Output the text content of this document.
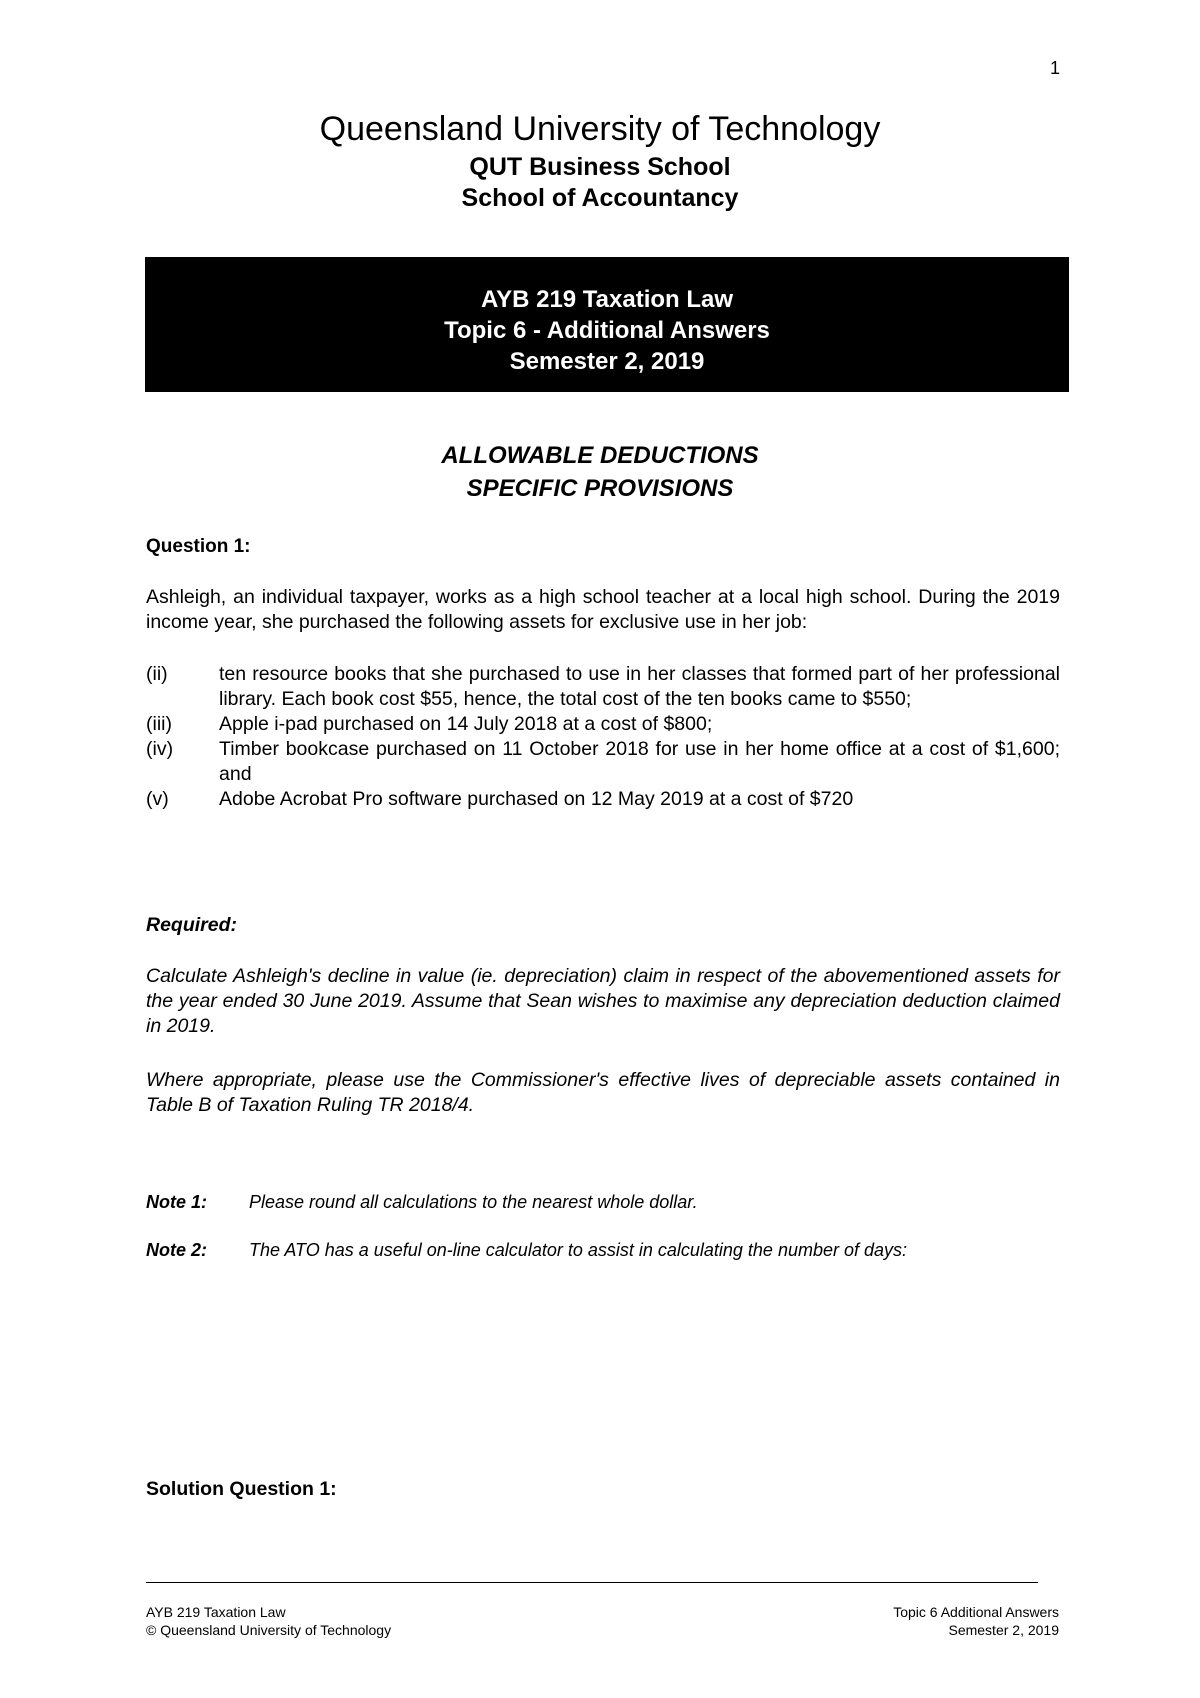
1
Queensland University of Technology
QUT Business School
School of Accountancy
AYB 219 Taxation Law
Topic 6 - Additional Answers
Semester 2, 2019
ALLOWABLE DEDUCTIONS
SPECIFIC PROVISIONS
Question 1:
Ashleigh, an individual taxpayer, works as a high school teacher at a local high school. During the 2019 income year, she purchased the following assets for exclusive use in her job:
(ii)	ten resource books that she purchased to use in her classes that formed part of her professional library. Each book cost $55, hence, the total cost of the ten books came to $550;
(iii)	Apple i-pad purchased on 14 July 2018 at a cost of $800;
(iv)	Timber bookcase purchased on 11 October 2018 for use in her home office at a cost of $1,600; and
(v)	Adobe Acrobat Pro software purchased on 12 May 2019 at a cost of $720
Required:
Calculate Ashleigh's decline in value (ie. depreciation) claim in respect of the abovementioned assets for the year ended 30 June 2019. Assume that Sean wishes to maximise any depreciation deduction claimed in 2019.
Where appropriate, please use the Commissioner's effective lives of depreciable assets contained in Table B of Taxation Ruling TR 2018/4.
Note 1:	Please round all calculations to the nearest whole dollar.
Note 2:	The ATO has a useful on-line calculator to assist in calculating the number of days:
Solution Question 1:
AYB 219 Taxation Law
© Queensland University of Technology
Topic 6 Additional Answers
Semester 2, 2019
